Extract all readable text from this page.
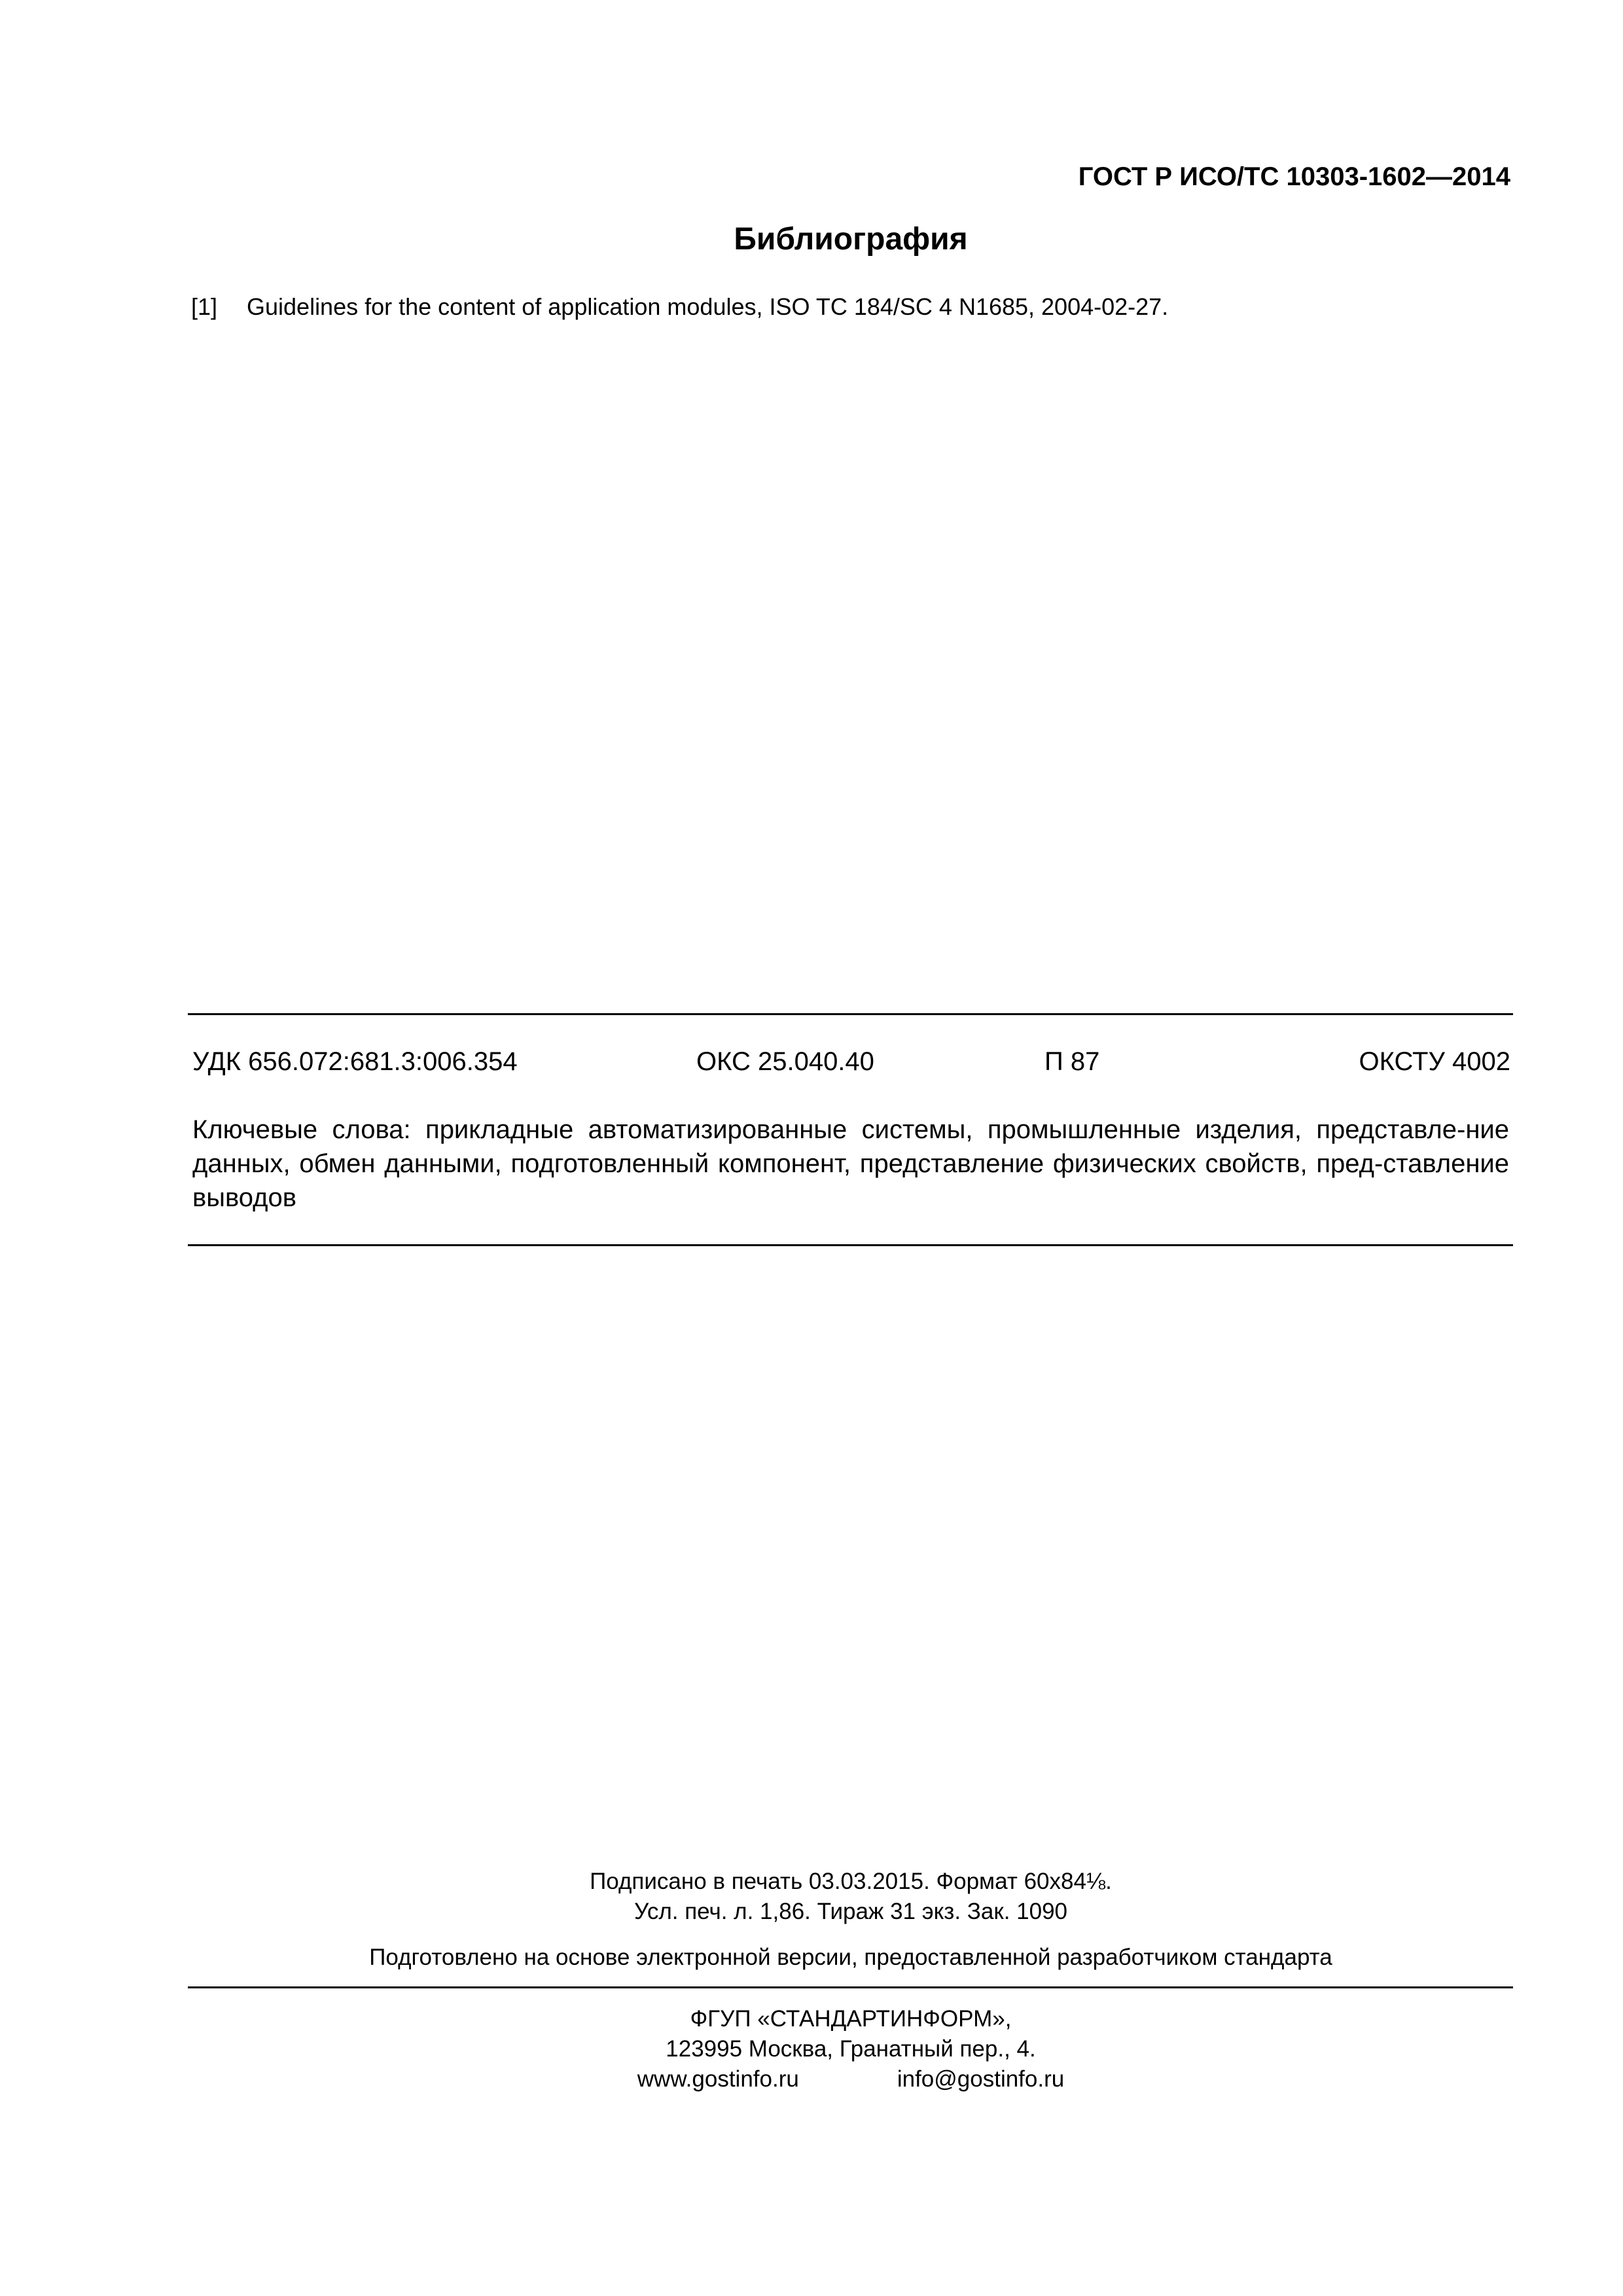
ГОСТ Р ИСО/ТС 10303-1602—2014
Библиография
[1] Guidelines for the content of application modules, ISO TC 184/SC 4 N1685, 2004-02-27.
УДК 656.072:681.3:006.354	ОКС 25.040.40	П 87	ОКСТУ 4002
Ключевые слова: прикладные автоматизированные системы, промышленные изделия, представле-ние данных, обмен данными, подготовленный компонент, представление физических свойств, пред-ставление выводов
Подписано в печать 03.03.2015. Формат 60x84⅛.
Усл. печ. л. 1,86. Тираж 31 экз. Зак. 1090
Подготовлено на основе электронной версии, предоставленной разработчиком стандарта
ФГУП «СТАНДАРТИНФОРМ»,
123995 Москва, Гранатный пер., 4.
www.gostinfo.ru	info@gostinfo.ru
